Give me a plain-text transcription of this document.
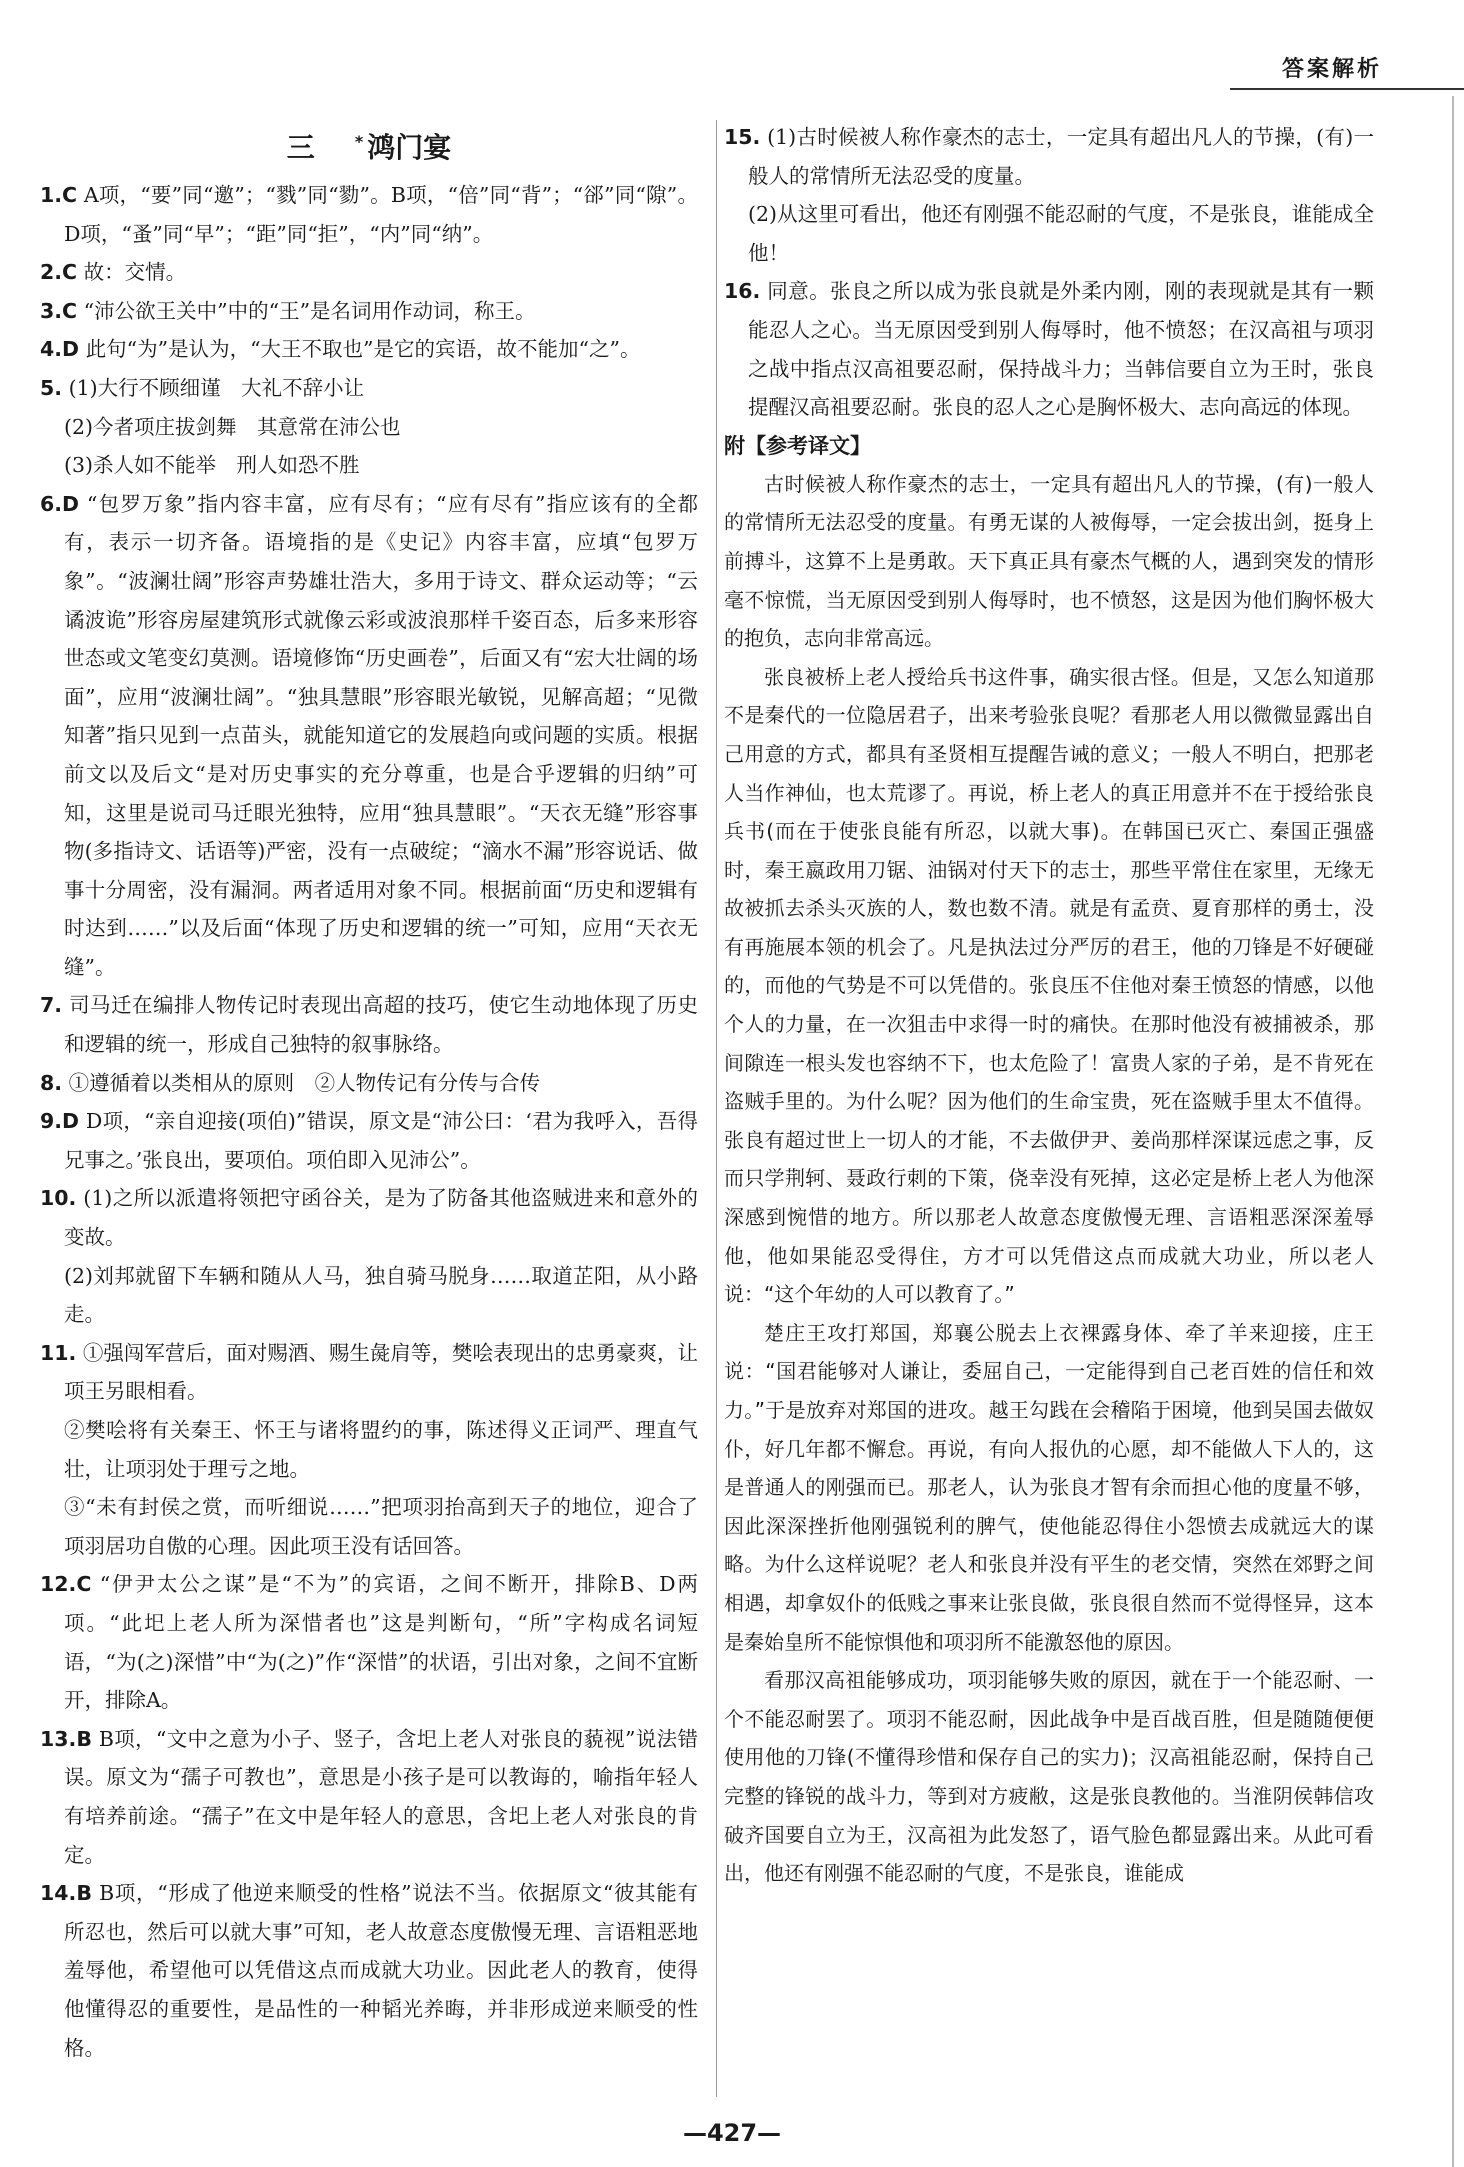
答案解析
三	* 鸿门宴

1.C A项，“要”同“邀”；“戮”同“勠”。B项，“倍”同“背”；“郤”同“隙”。D项，“蚤”同“早”；“距”同“拒”，“内”同“纳”。

2.C 故：交情。

3.C “沛公欲王关中”中的“王”是名词用作动词，称王。

4.D 此句“为”是认为，“大王不取也”是它的宾语，故不能加“之”。

5. (1)大行不顾细谨　大礼不辞小让
(2)今者项庄拔剑舞　其意常在沛公也
(3)杀人如不能举　刑人如恐不胜

6.D “包罗万象”指内容丰富，应有尽有；“应有尽有”指应该有的全都有，表示一切齐备。语境指的是《史记》内容丰富，应填“包罗万象”。“波澜壮阔”形容声势雄壮浩大，多用于诗文、群众运动等；“云谲波诡”形容房屋建筑形式就像云彩或波浪那样千姿百态，后多来形容世态或文笔变幻莫测。语境修饰“历史画卷”，后面又有“宏大壮阔的场面”，应用“波澜壮阔”。“独具慧眼”形容眼光敏锐，见解高超；“见微知著”指只见到一点苗头，就能知道它的发展趋向或问题的实质。根据前文以及后文“是对历史事实的充分尊重，也是合乎逻辑的归纳”可知，这里是说司马迁眼光独特，应用“独具慧眼”。“天衣无缝”形容事物(多指诗文、话语等)严密，没有一点破绽；“滴水不漏”形容说话、做事十分周密，没有漏洞。两者适用对象不同。根据前面“历史和逻辑有时达到……”以及后面“体现了历史和逻辑的统一”可知，应用“天衣无缝”。

7. 司马迁在编排人物传记时表现出高超的技巧，使它生动地体现了历史和逻辑的统一，形成自己独特的叙事脉络。

8. ①遵循着以类相从的原则　②人物传记有分传与合传

9.D D项，“亲自迎接(项伯)”错误，原文是“沛公曰：‘君为我呼入，吾得兄事之。’张良出，要项伯。项伯即入见沛公”。

10. (1)之所以派遣将领把守函谷关，是为了防备其他盗贼进来和意外的变故。
(2)刘邦就留下车辆和随从人马，独自骑马脱身……取道芷阳，从小路走。

11. ①强闯军营后，面对赐酒、赐生彘肩等，樊哙表现出的忠勇豪爽，让项王另眼相看。
②樊哙将有关秦王、怀王与诸将盟约的事，陈述得义正词严、理直气壮，让项羽处于理亏之地。
③“未有封侯之赏，而听细说……”把项羽抬高到天子的地位，迎合了项羽居功自傲的心理。因此项王没有话回答。

12.C “伊尹太公之谋”是“不为”的宾语，之间不断开，排除B、D两项。“此圯上老人所为深惜者也”这是判断句，“所”字构成名词短语，“为(之)深惜”中“为(之)”作“深惜”的状语，引出对象，之间不宜断开，排除A。

13.B B项，“文中之意为小子、竖子，含圯上老人对张良的藐视”说法错误。原文为“孺子可教也”，意思是小孩子是可以教诲的，喻指年轻人有培养前途。“孺子”在文中是年轻人的意思，含圯上老人对张良的肯定。

14.B B项，“形成了他逆来顺受的性格”说法不当。依据原文“彼其能有所忍也，然后可以就大事”可知，老人故意态度傲慢无理、言语粗恶地羞辱他，希望他可以凭借这点而成就大功业。因此老人的教育，使得他懂得忍的重要性，是品性的一种韬光养晦，并非形成逆来顺受的性格。

15. (1)古时候被人称作豪杰的志士，一定具有超出凡人的节操，(有)一般人的常情所无法忍受的度量。
(2)从这里可看出，他还有刚强不能忍耐的气度，不是张良，谁能成全他！

16. 同意。张良之所以成为张良就是外柔内刚，刚的表现就是其有一颗能忍人之心。当无原因受到别人侮辱时，他不愤怒；在汉高祖与项羽之战中指点汉高祖要忍耐，保持战斗力；当韩信要自立为王时，张良提醒汉高祖要忍耐。张良的忍人之心是胸怀极大、志向高远的体现。

附【参考译文】

古时候被人称作豪杰的志士，一定具有超出凡人的节操，(有)一般人的常情所无法忍受的度量。有勇无谋的人被侮辱，一定会拔出剑，挺身上前搏斗，这算不上是勇敢。天下真正具有豪杰气概的人，遇到突发的情形毫不惊慌，当无原因受到别人侮辱时，也不愤怒，这是因为他们胸怀极大的抱负，志向非常高远。

张良被桥上老人授给兵书这件事，确实很古怪。但是，又怎么知道那不是秦代的一位隐居君子，出来考验张良呢？看那老人用以微微显露出自己用意的方式，都具有圣贤相互提醒告诫的意义；一般人不明白，把那老人当作神仙，也太荒谬了。再说，桥上老人的真正用意并不在于授给张良兵书(而在于使张良能有所忍，以就大事)。在韩国已灭亡、秦国正强盛时，秦王嬴政用刀锯、油锅对付天下的志士，那些平常住在家里，无缘无故被抓去杀头灭族的人，数也数不清。就是有孟贲、夏育那样的勇士，没有再施展本领的机会了。凡是执法过分严厉的君王，他的刀锋是不好硬碰的，而他的气势是不可以凭借的。张良压不住他对秦王愤怒的情感，以他个人的力量，在一次狙击中求得一时的痛快。在那时他没有被捕被杀，那间隙连一根头发也容纳不下，也太危险了！富贵人家的子弟，是不肯死在盗贼手里的。为什么呢？因为他们的生命宝贵，死在盗贼手里太不值得。张良有超过世上一切人的才能，不去做伊尹、姜尚那样深谋远虑之事，反而只学荆轲、聂政行刺的下策，侥幸没有死掉，这必定是桥上老人为他深深感到惋惜的地方。所以那老人故意态度傲慢无理、言语粗恶深深羞辱他，他如果能忍受得住，方才可以凭借这点而成就大功业，所以老人说：“这个年幼的人可以教育了。”

楚庄王攻打郑国，郑襄公脱去上衣裸露身体、牵了羊来迎接，庄王说：“国君能够对人谦让，委屈自己，一定能得到自己老百姓的信任和效力。”于是放弃对郑国的进攻。越王勾践在会稽陷于困境，他到吴国去做奴仆，好几年都不懈怠。再说，有向人报仇的心愿，却不能做人下人的，这是普通人的刚强而已。那老人，认为张良才智有余而担心他的度量不够，因此深深挫折他刚强锐利的脾气，使他能忍得住小怨愤去成就远大的谋略。为什么这样说呢？老人和张良并没有平生的老交情，突然在郊野之间相遇，却拿奴仆的低贱之事来让张良做，张良很自然而不觉得怪异，这本是秦始皇所不能惊惧他和项羽所不能激怒他的原因。

看那汉高祖能够成功，项羽能够失败的原因，就在于一个能忍耐、一个不能忍耐罢了。项羽不能忍耐，因此战争中是百战百胜，但是随随便便使用他的刀锋(不懂得珍惜和保存自己的实力)；汉高祖能忍耐，保持自己完整的锋锐的战斗力，等到对方疲敝，这是张良教他的。当淮阴侯韩信攻破齐国要自立为王，汉高祖为此发怒了，语气脸色都显露出来。从此可看出，他还有刚强不能忍耐的气度，不是张良，谁能成

—427—
